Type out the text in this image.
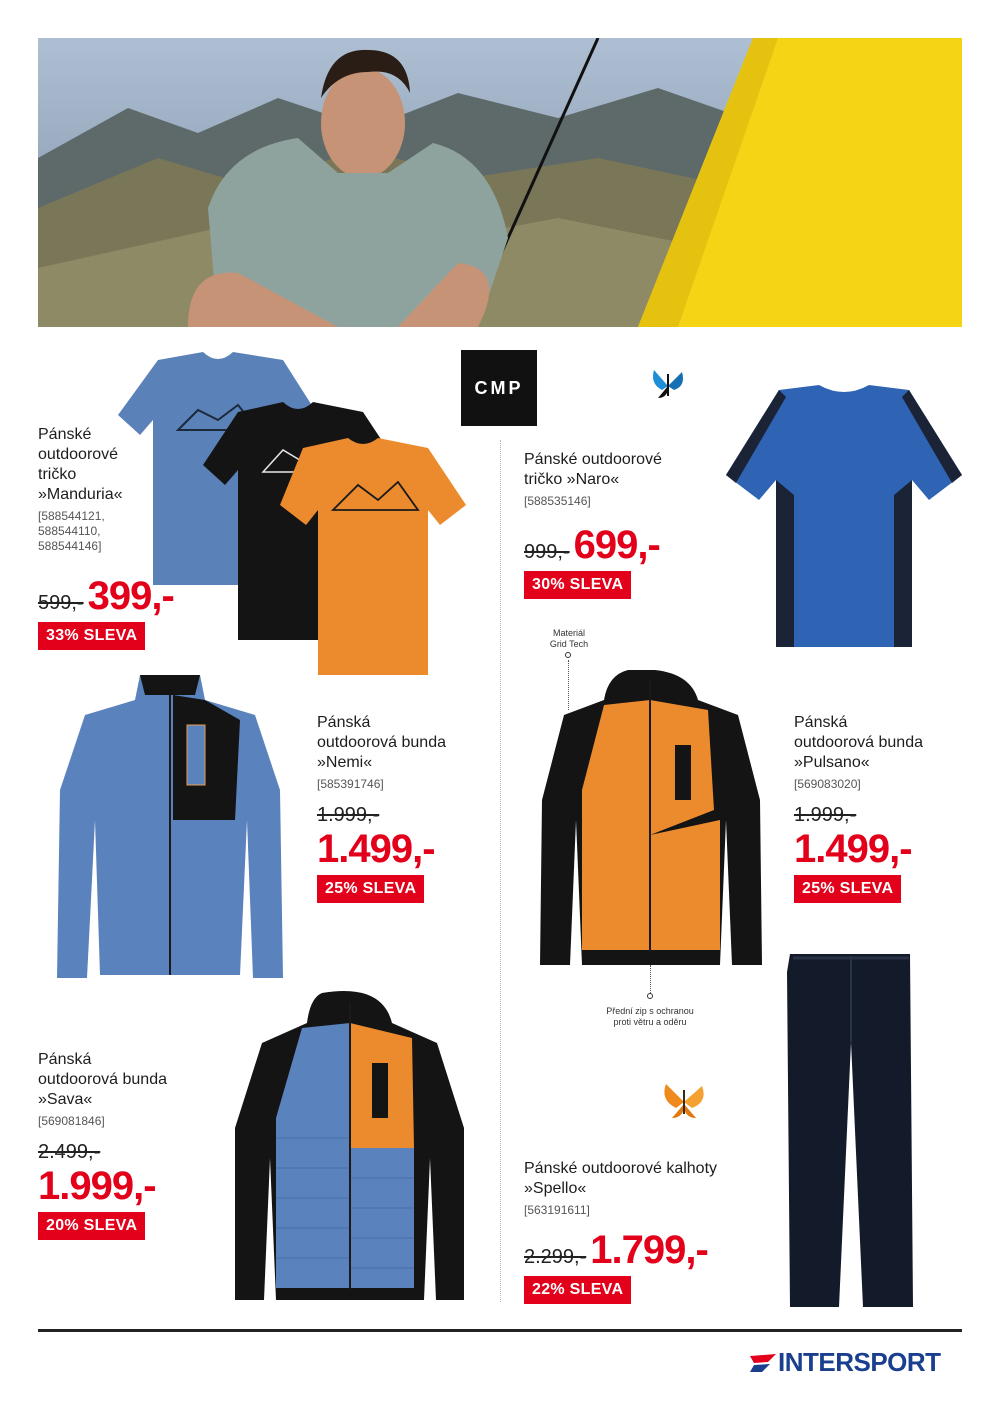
CMP
Materiál
Grid Tech
Přední zip s ochranou
proti větru a oděru
Pánské
outdoorové
tričko
»Manduria«
[588544121,
588544110,
588544146]
599,- 399,-
33% SLEVA
Pánské outdoorové
tričko »Naro«
[588535146]
999,- 699,-
30% SLEVA
Pánská
outdoorová bunda
»Nemi«
[585391746]
1.999,-
1.499,-
25% SLEVA
Pánská
outdoorová bunda
»Pulsano«
[569083020]
1.999,-
1.499,-
25% SLEVA
Pánská
outdoorová bunda
»Sava«
[569081846]
2.499,-
1.999,-
20% SLEVA
Pánské outdoorové kalhoty
»Spello«
[563191611]
2.299,- 1.799,-
22% SLEVA
INTERSPORT
